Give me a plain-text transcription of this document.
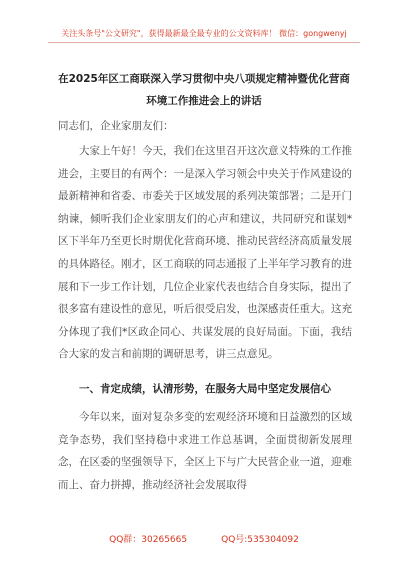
关注头条号"公文研究"，获得最新最全最专业的公文资料库！ 微信：gongwenyj
在2025年区工商联深入学习贯彻中央八项规定精神暨优化营商
环境工作推进会上的讲话
同志们，企业家朋友们：

大家上午好！今天，我们在这里召开这次意义特殊的工作推进会，主要目的有两个：一是深入学习领会中央关于作风建设的最新精神和省委、市委关于区域发展的系列决策部署；二是开门纳谏，倾听我们企业家朋友们的心声和建议，共同研究和谋划*区下半年乃至更长时期优化营商环境、推动民营经济高质量发展的具体路径。刚才，区工商联的同志通报了上半年学习教育的进展和下一步工作计划，几位企业家代表也结合自身实际，提出了很多富有建设性的意见，听后很受启发，也深感责任重大。这充分体现了我们*区政企同心、共谋发展的良好局面。下面，我结合大家的发言和前期的调研思考，讲三点意见。

一、肯定成绩，认清形势，在服务大局中坚定发展信心

今年以来，面对复杂多变的宏观经济环境和日益激烈的区域竞争态势，我们坚持稳中求进工作总基调，全面贯彻新发展理念，在区委的坚强领导下，全区上下与广大民营企业一道，迎难而上、奋力拼搏，推动经济社会发展取得

QQ群：30265665	QQ号:535304092
